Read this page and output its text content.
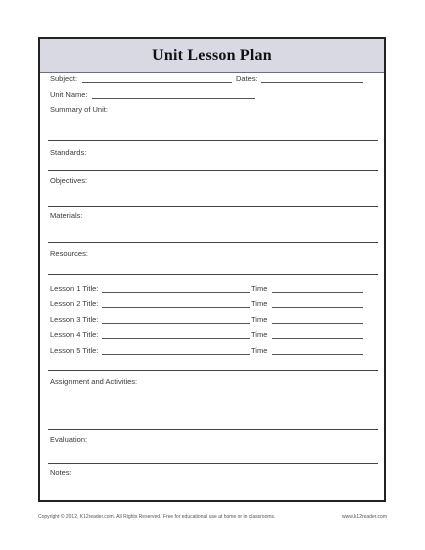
Unit Lesson Plan
Subject:	Dates:
Unit Name:
Summary of Unit:
Standards:
Objectives:
Materials:
Resources:
Lesson 1 Title:	Time
Lesson 2 Title:	Time
Lesson 3 Title:	Time
Lesson 4 Title:	Time
Lesson 5 Title:	Time
Assignment and Activities:
Evaluation:
Notes:
Copyright © 2012, K12reader.com. All Rights Reserved. Free for educational use at home or in classrooms.	www.k12reader.com
